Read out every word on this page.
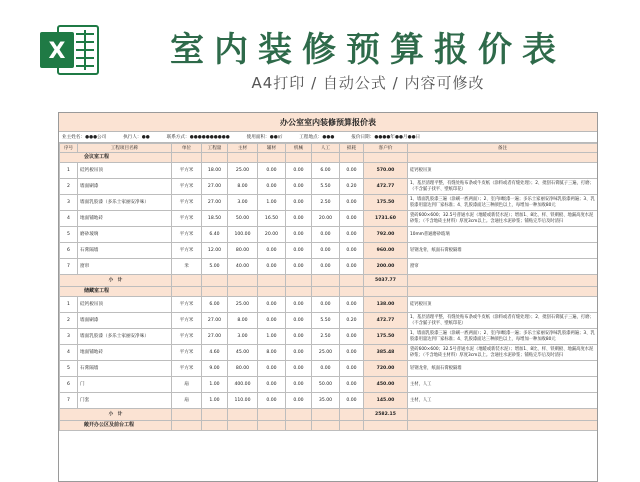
X	室内装修预算报价表
A4打印 / 自动公式 / 内容可修改
办公室室内装修预算报价表
业主姓名：●●●公司	执行人：●●	联系方式：●●●●●●●●●●	使用面积：●●㎡	工程地点：●●●	报价日期：●●●●年●●月●●日
序号	工程项目名称	单位	工程量	主材	辅材	机械	人工	损耗	客户价	备注
会议室工程										
1	硅钙板吊顶	平方米	18.00	25.00	0.00	0.00	6.00	0.00	570.00	硅钙板吊顶
2	墙面刷漆	平方米	27.00	8.00	0.00	0.00	5.50	0.20	472.77	1、基层清理平整，有缝处贴布条或牛皮纸（涂料或者有缝处理）；2、批刮石膏腻子三遍，打磨；（不含腻子找平、壁纸印花）
3	墙面乳胶漆（多乐士家丽安净味）	平方米	27.00	3.00	1.00	0.00	2.50	0.00	175.50	1、墙面乳胶漆三遍（涂刷一底两面）；2、室内II级漆一遍；多乐士家丽安净味乳胶漆两遍；3、乳胶漆用量达到厂家标准；4、乳胶漆面达三种颜色以上，每增加一种加收80元
4	地面铺地砖	平方米	18.50	50.00	16.50	0.00	20.00	0.00	1731.60	瓷砖600×600；32.5号普通水泥（地暖或新装水泥）；增加1、8比、样、铁刺板、地漏高度水泥砂浆；（不含地砖主材料）厚度3cm以上。含通往水泥砂浆；铺贴完毕后及时清扫
5	磨砂玻璃	平方米	6.40	100.00	20.00	0.00	0.00	0.00	792.00	10mm普通磨砂玻璃
6	石膏隔墙	平方米	12.00	80.00	0.00	0.00	0.00	0.00	960.00	轻钢龙骨，纸面石膏板隔墙
7	窗帘	米	5.00	40.00	0.00	0.00	0.00	0.00	200.00	窗帘
小　计									5037.77	
储藏室工程										
1	硅钙板吊顶	平方米	6.00	25.00	0.00	0.00	0.00	0.00	138.00	硅钙板吊顶
2	墙面刷漆	平方米	27.00	8.00	0.00	0.00	5.50	0.20	472.77	1、基层清理平整，有缝处贴布条或牛皮纸（涂料或者有缝处理）；2、批刮石膏腻子三遍，打磨；（不含腻子找平、壁纸印花）
3	墙面乳胶漆（多乐士家丽安净味）	平方米	27.00	3.00	1.00	0.00	2.50	0.00	175.50	1、墙面乳胶漆三遍（涂刷一底两面）；2、室内II级漆一遍；多乐士家丽安净味乳胶漆两遍；3、乳胶漆用量达到厂家标准；4、乳胶漆面达三种颜色以上，每增加一种加收80元
4	地面铺地砖	平方米	4.60	45.00	8.00	0.00	25.00	0.00	385.48	瓷砖600×600；32.5号普通水泥（地暖或新装水泥）；增加1、8比、样、铁刺板、地漏高度水泥砂浆；（不含地砖主材料）厚度3cm以上。含通往水泥砂浆；铺贴完毕后及时清扫
5	石膏隔墙	平方米	9.00	80.00	0.00	0.00	0.00	0.00	720.00	轻钢龙骨，纸面石膏板隔墙
6	门	扇	1.00	400.00	0.00	0.00	50.00	0.00	450.00	主材，人工
7	门套	扇	1.00	110.00	0.00	0.00	35.00	0.00	145.00	主材，人工
小　计									2582.15	
敞开办公区及前台工程										
